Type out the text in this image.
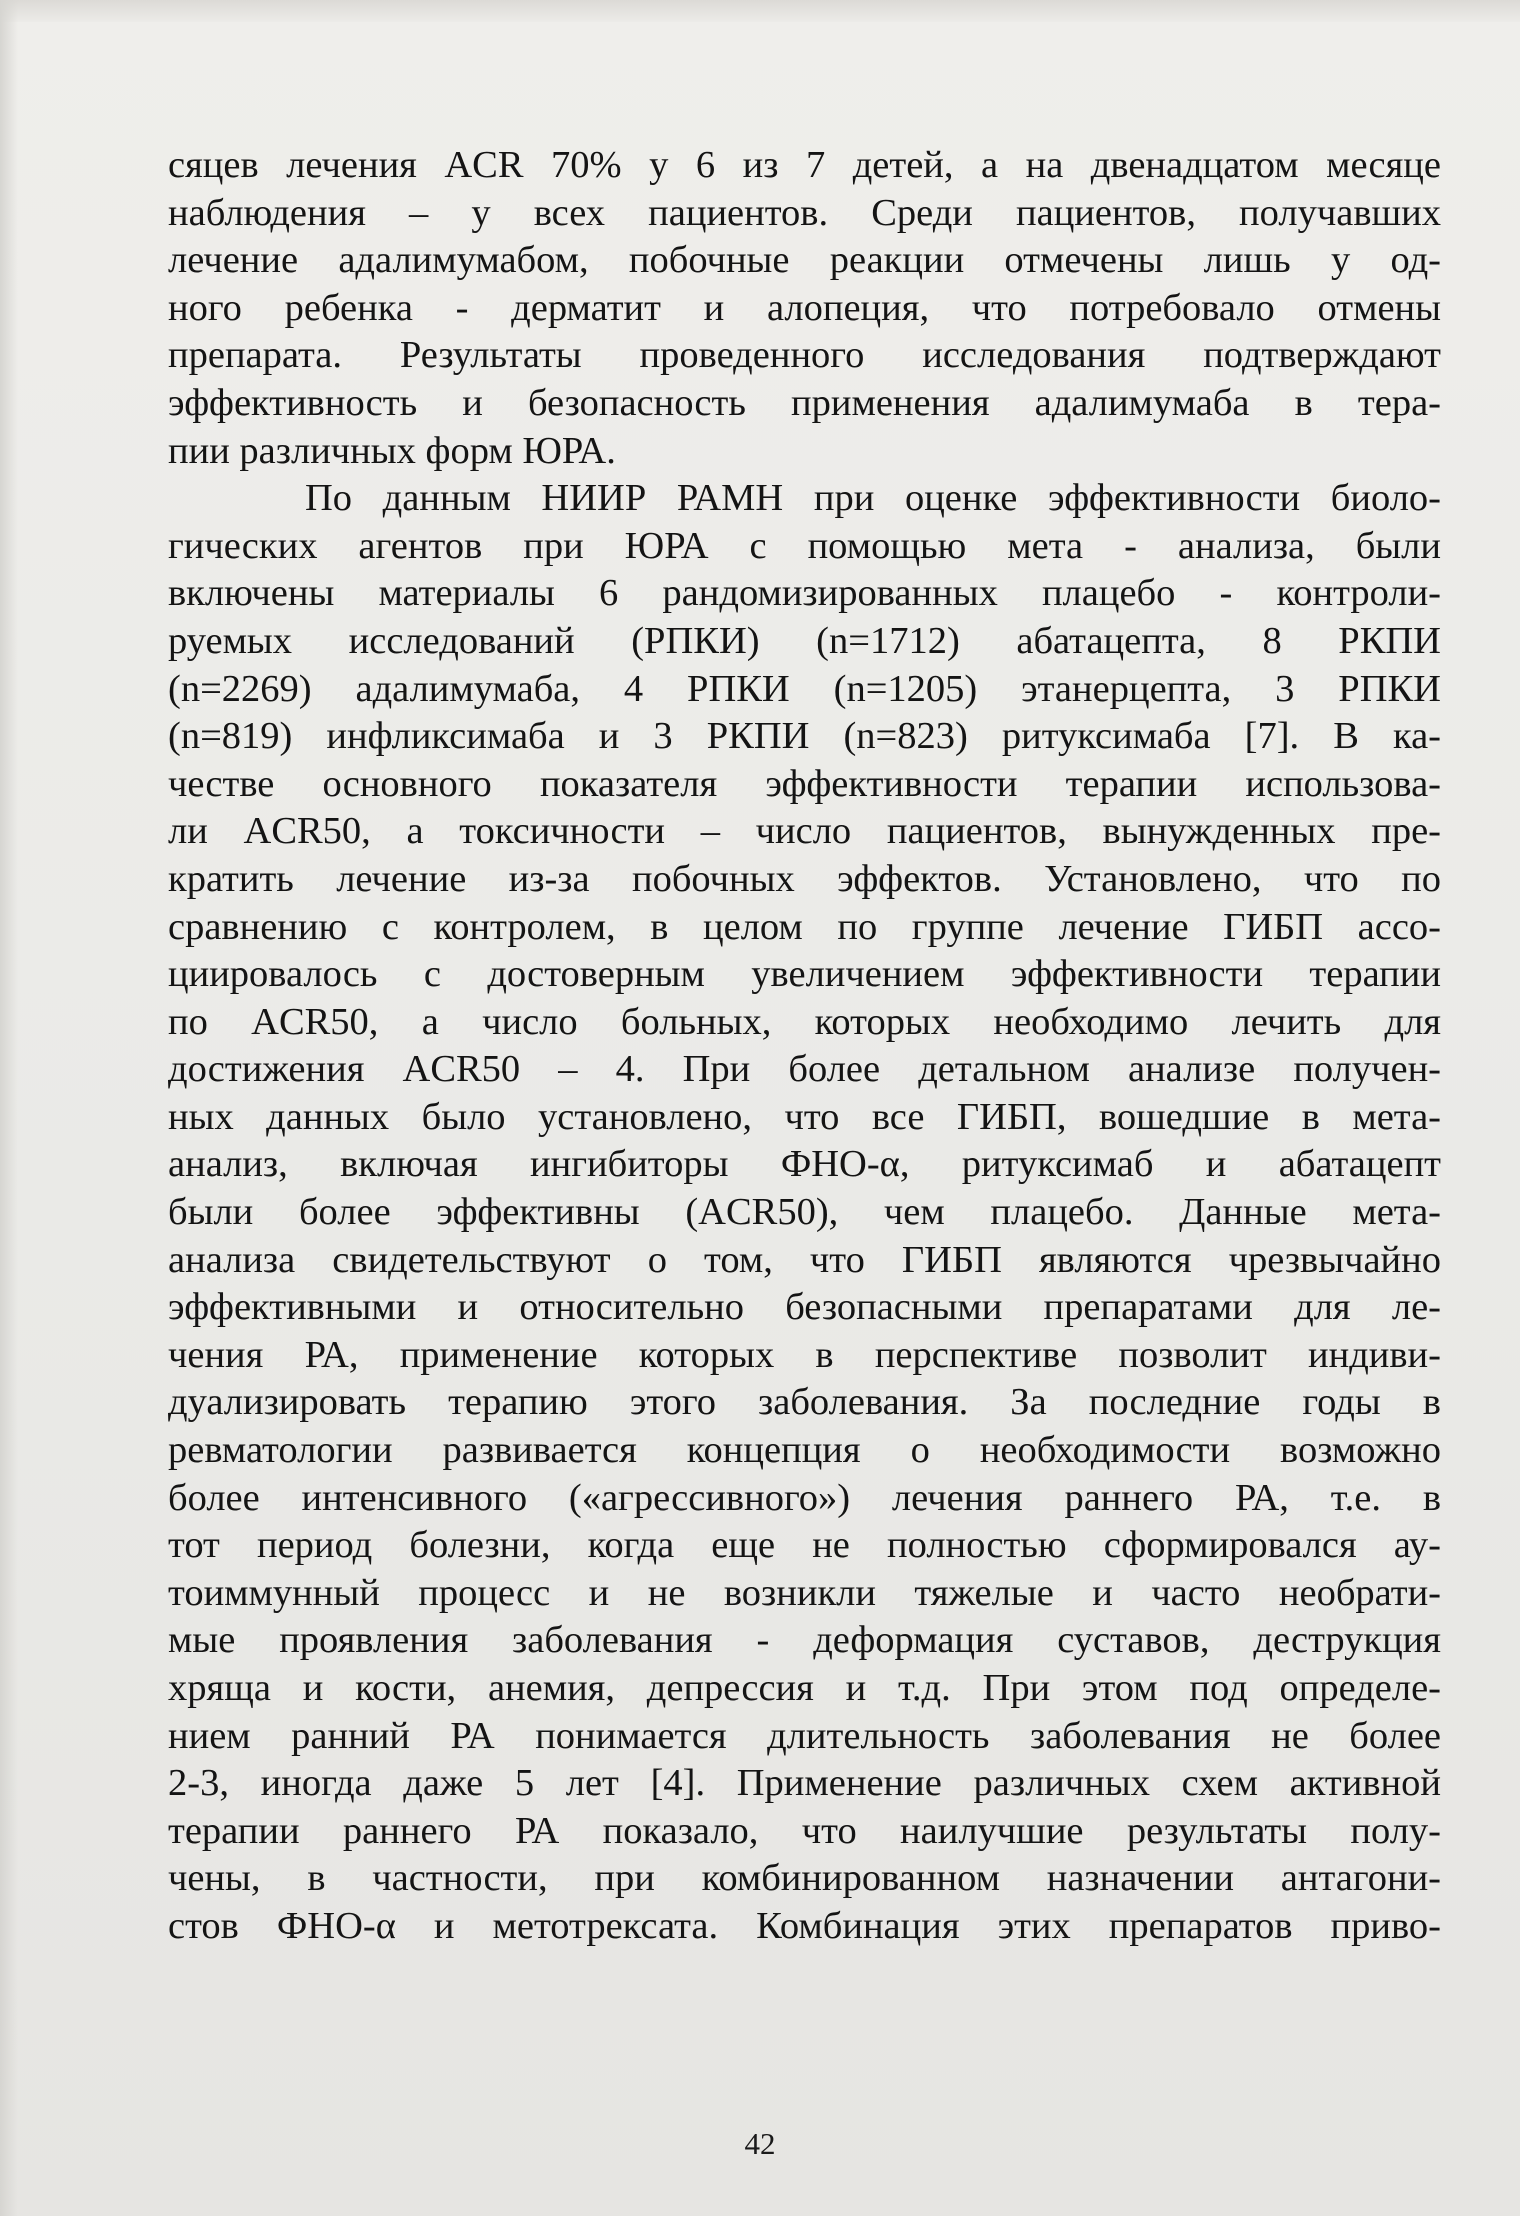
сяцев лечения ACR 70% у 6 из 7 детей, а на двенадцатом месяце
наблюдения – у всех пациентов. Среди пациентов, получавших
лечение адалимумабом, побочные реакции отмечены лишь у од-
ного ребенка - дерматит и алопеция, что потребовало отмены
препарата. Результаты проведенного исследования подтверждают
эффективность и безопасность применения адалимумаба в тера-
пии различных форм ЮРА.
По данным НИИР РАМН при оценке эффективности биоло-
гических агентов при ЮРА с помощью мета - анализа, были
включены материалы 6 рандомизированных плацебо - контроли-
руемых исследований (РПКИ) (n=1712) абатацепта, 8 РКПИ
(n=2269) адалимумаба, 4 РПКИ (n=1205) этанерцепта, 3 РПКИ
(n=819) инфликсимаба и 3 РКПИ (n=823) ритуксимаба [7]. В ка-
честве основного показателя эффективности терапии использова-
ли ACR50, а токсичности – число пациентов, вынужденных пре-
кратить лечение из-за побочных эффектов. Установлено, что по
сравнению с контролем, в целом по группе лечение ГИБП ассо-
циировалось с достоверным увеличением эффективности терапии
по ACR50, а число больных, которых необходимо лечить для
достижения ACR50 – 4. При более детальном анализе получен-
ных данных было установлено, что все ГИБП, вошедшие в мета-
анализ, включая ингибиторы ФНО-α, ритуксимаб и абатацепт
были более эффективны (ACR50), чем плацебо. Данные мета-
анализа свидетельствуют о том, что ГИБП являются чрезвычайно
эффективными и относительно безопасными препаратами для ле-
чения РА, применение которых в перспективе позволит индиви-
дуализировать терапию этого заболевания. За последние годы в
ревматологии развивается концепция о необходимости возможно
более интенсивного («агрессивного») лечения раннего РА, т.е. в
тот период болезни, когда еще не полностью сформировался ау-
тоиммунный процесс и не возникли тяжелые и часто необрати-
мые проявления заболевания - деформация суставов, деструкция
хряща и кости, анемия, депрессия и т.д. При этом под определе-
нием ранний РА понимается длительность заболевания не более
2-3, иногда даже 5 лет [4]. Применение различных схем активной
терапии раннего РА показало, что наилучшие результаты полу-
чены, в частности, при комбинированном назначении антагони-
стов ФНО-α и метотрексата. Комбинация этих препаратов приво-
42
